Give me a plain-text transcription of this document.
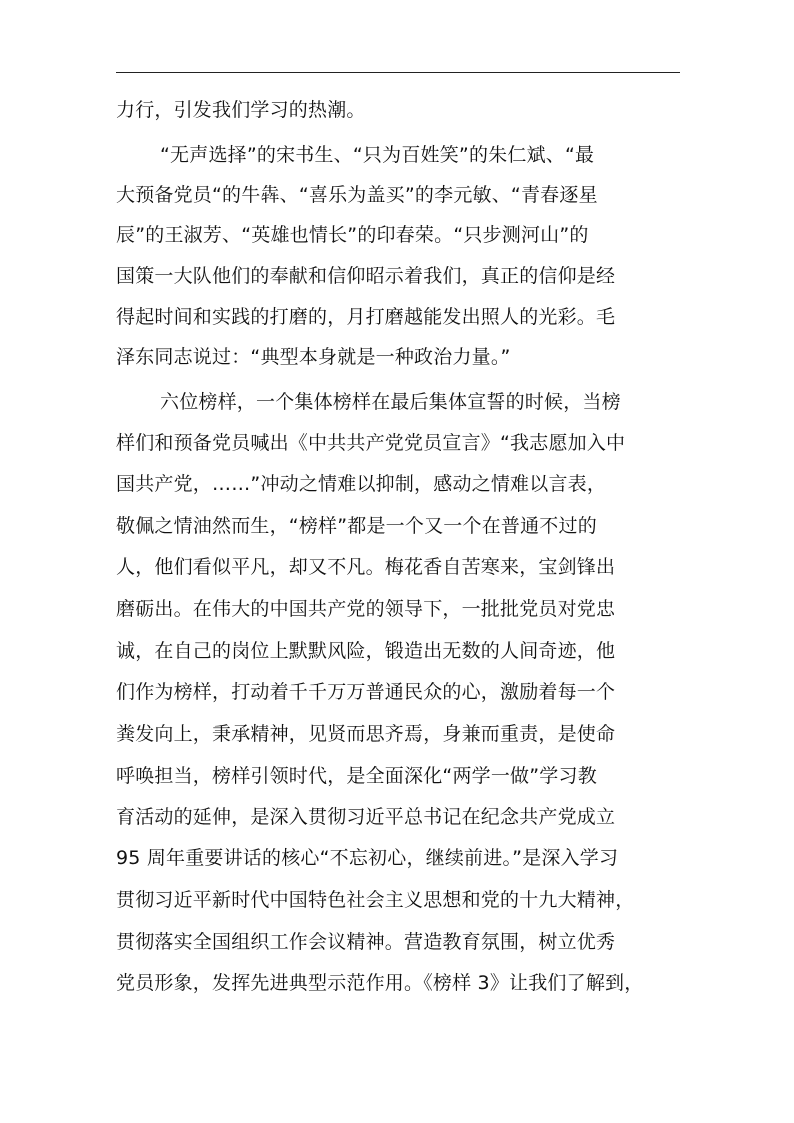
力行，引发我们学习的热潮。
“无声选择”的宋书生、“只为百姓笑”的朱仁斌、“最
大预备党员“的牛犇、“喜乐为盖买”的李元敏、“青春逐星
辰”的王淑芳、“英雄也情长”的印春荣。“只步测河山”的
国策一大队他们的奉献和信仰昭示着我们，真正的信仰是经
得起时间和实践的打磨的，月打磨越能发出照人的光彩。毛
泽东同志说过：“典型本身就是一种政治力量。”
六位榜样，一个集体榜样在最后集体宣誓的时候，当榜
样们和预备党员喊出《中共共产党党员宣言》“我志愿加入中
国共产党，……”冲动之情难以抑制，感动之情难以言表，
敬佩之情油然而生，“榜样”都是一个又一个在普通不过的
人，他们看似平凡，却又不凡。梅花香自苦寒来，宝剑锋出
磨砺出。在伟大的中国共产党的领导下，一批批党员对党忠
诚，在自己的岗位上默默风险，锻造出无数的人间奇迹，他
们作为榜样，打动着千千万万普通民众的心，激励着每一个
粪发向上，秉承精神，见贤而思齐焉，身兼而重责，是使命
呼唤担当，榜样引领时代，是全面深化“两学一做”学习教
育活动的延伸，是深入贯彻习近平总书记在纪念共产党成立
95 周年重要讲话的核心“不忘初心，继续前进。”是深入学习
贯彻习近平新时代中国特色社会主义思想和党的十九大精神，
贯彻落实全国组织工作会议精神。营造教育氛围，树立优秀
党员形象，发挥先进典型示范作用。《榜样 3》让我们了解到，
